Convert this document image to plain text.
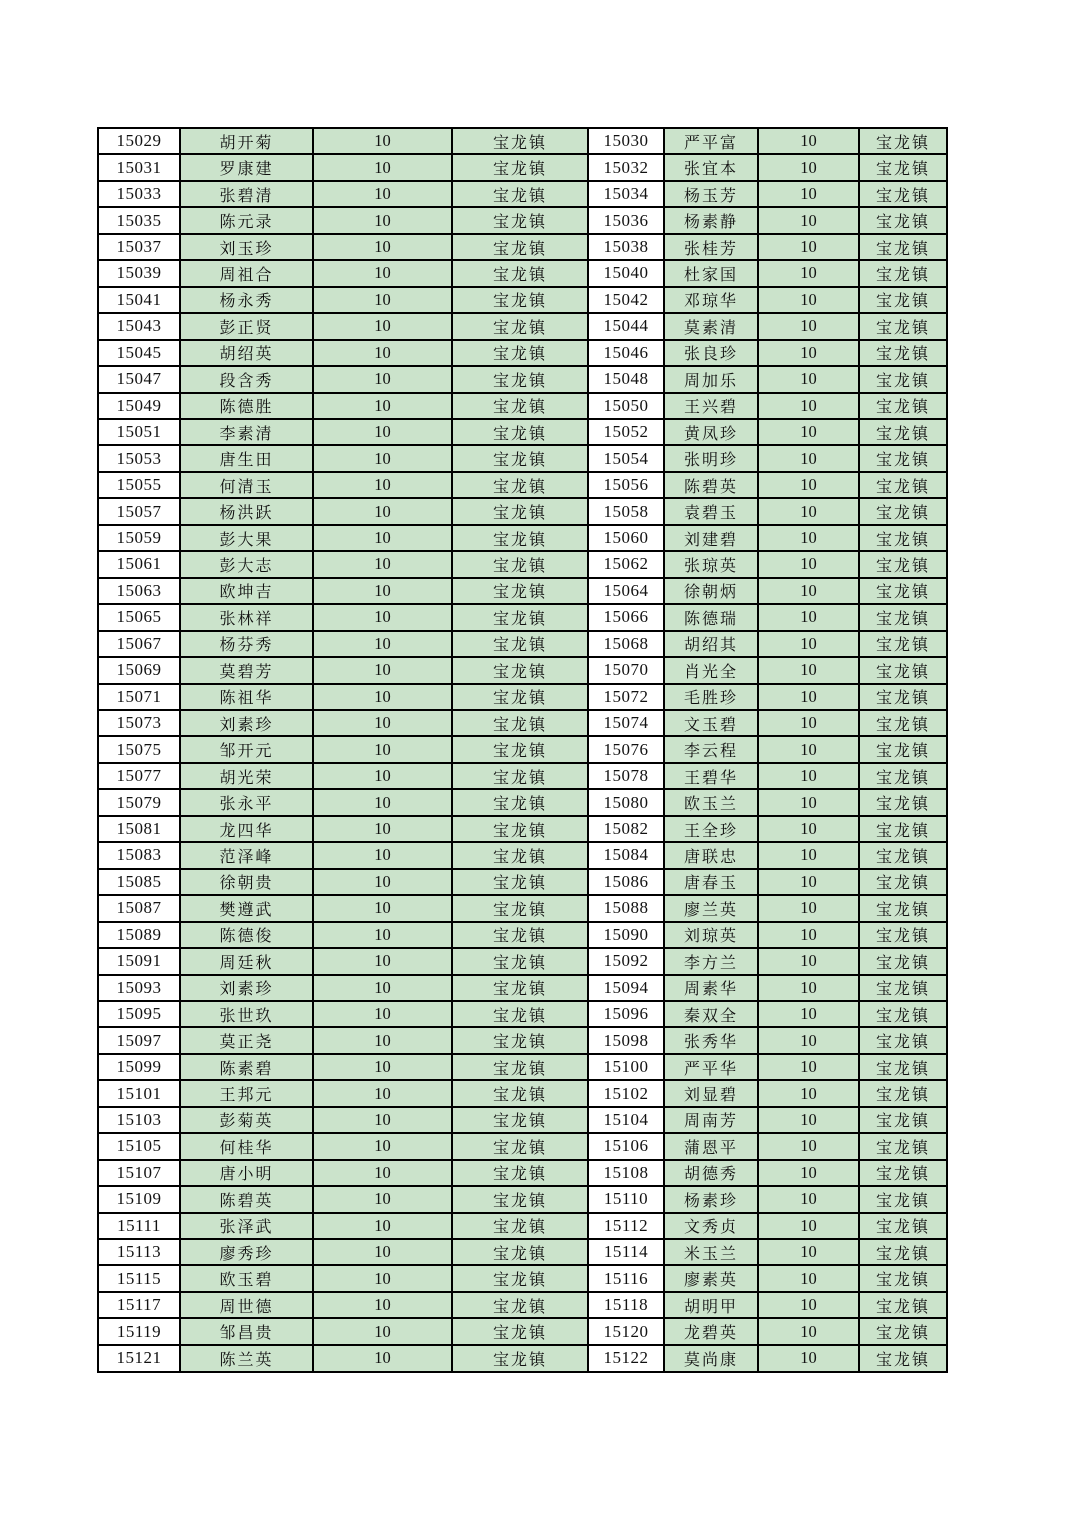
15029	胡开菊	10	宝龙镇	15030	严平富	10	宝龙镇
15031	罗康建	10	宝龙镇	15032	张宜本	10	宝龙镇
15033	张碧清	10	宝龙镇	15034	杨玉芳	10	宝龙镇
15035	陈元录	10	宝龙镇	15036	杨素静	10	宝龙镇
15037	刘玉珍	10	宝龙镇	15038	张桂芳	10	宝龙镇
15039	周祖合	10	宝龙镇	15040	杜家国	10	宝龙镇
15041	杨永秀	10	宝龙镇	15042	邓琼华	10	宝龙镇
15043	彭正贤	10	宝龙镇	15044	莫素清	10	宝龙镇
15045	胡绍英	10	宝龙镇	15046	张良珍	10	宝龙镇
15047	段含秀	10	宝龙镇	15048	周加乐	10	宝龙镇
15049	陈德胜	10	宝龙镇	15050	王兴碧	10	宝龙镇
15051	李素清	10	宝龙镇	15052	黄凤珍	10	宝龙镇
15053	唐生田	10	宝龙镇	15054	张明珍	10	宝龙镇
15055	何清玉	10	宝龙镇	15056	陈碧英	10	宝龙镇
15057	杨洪跃	10	宝龙镇	15058	袁碧玉	10	宝龙镇
15059	彭大果	10	宝龙镇	15060	刘建碧	10	宝龙镇
15061	彭大志	10	宝龙镇	15062	张琼英	10	宝龙镇
15063	欧坤吉	10	宝龙镇	15064	徐朝炳	10	宝龙镇
15065	张林祥	10	宝龙镇	15066	陈德瑞	10	宝龙镇
15067	杨芬秀	10	宝龙镇	15068	胡绍其	10	宝龙镇
15069	莫碧芳	10	宝龙镇	15070	肖光全	10	宝龙镇
15071	陈祖华	10	宝龙镇	15072	毛胜珍	10	宝龙镇
15073	刘素珍	10	宝龙镇	15074	文玉碧	10	宝龙镇
15075	邹开元	10	宝龙镇	15076	李云程	10	宝龙镇
15077	胡光荣	10	宝龙镇	15078	王碧华	10	宝龙镇
15079	张永平	10	宝龙镇	15080	欧玉兰	10	宝龙镇
15081	龙四华	10	宝龙镇	15082	王全珍	10	宝龙镇
15083	范泽峰	10	宝龙镇	15084	唐联忠	10	宝龙镇
15085	徐朝贵	10	宝龙镇	15086	唐春玉	10	宝龙镇
15087	樊遵武	10	宝龙镇	15088	廖兰英	10	宝龙镇
15089	陈德俊	10	宝龙镇	15090	刘琼英	10	宝龙镇
15091	周廷秋	10	宝龙镇	15092	李方兰	10	宝龙镇
15093	刘素珍	10	宝龙镇	15094	周素华	10	宝龙镇
15095	张世玖	10	宝龙镇	15096	秦双全	10	宝龙镇
15097	莫正尧	10	宝龙镇	15098	张秀华	10	宝龙镇
15099	陈素碧	10	宝龙镇	15100	严平华	10	宝龙镇
15101	王邦元	10	宝龙镇	15102	刘显碧	10	宝龙镇
15103	彭菊英	10	宝龙镇	15104	周南芳	10	宝龙镇
15105	何桂华	10	宝龙镇	15106	蒲恩平	10	宝龙镇
15107	唐小明	10	宝龙镇	15108	胡德秀	10	宝龙镇
15109	陈碧英	10	宝龙镇	15110	杨素珍	10	宝龙镇
15111	张泽武	10	宝龙镇	15112	文秀贞	10	宝龙镇
15113	廖秀珍	10	宝龙镇	15114	米玉兰	10	宝龙镇
15115	欧玉碧	10	宝龙镇	15116	廖素英	10	宝龙镇
15117	周世德	10	宝龙镇	15118	胡明甲	10	宝龙镇
15119	邹昌贵	10	宝龙镇	15120	龙碧英	10	宝龙镇
15121	陈兰英	10	宝龙镇	15122	莫尚康	10	宝龙镇
